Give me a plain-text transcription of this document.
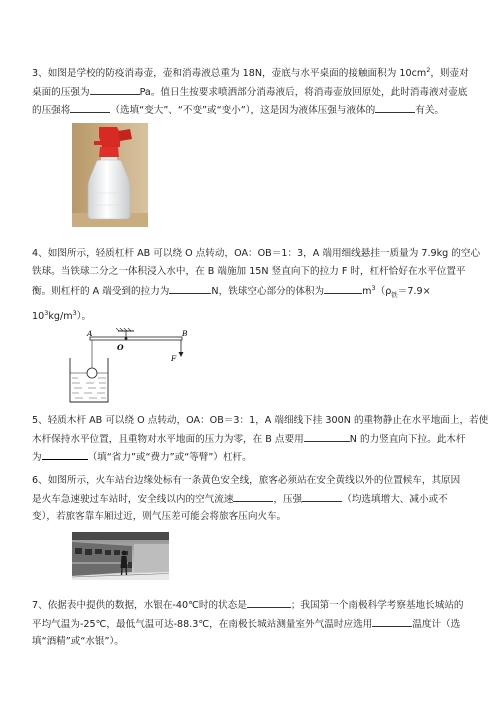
3、如图是学校的防疫消毒壶，壶和消毒液总重为 18N，壶底与水平桌面的接触面积为 $10cm^2$，则壶对
桌面的压强为	Pa。值日生按要求喷洒部分消毒液后，将消毒壶放回原处，此时消毒液对壶底
的压强将	（选填“变大”、“不变”或“变小”），这是因为液体压强与液体的	有关。
4、如图所示，轻质杠杆 AB 可以绕 O 点转动，OA：OB＝1：3，A 端用细线悬挂一质量为 7.9kg 的空心
铁球。当铁球二分之一体积浸入水中，在 B 端施加 15N 竖直向下的拉力 F 时，杠杆恰好在水平位置平
衡。则杠杆的 A 端受到的拉力为	N，铁球空心部分的体积为	$m^3(\rho_铁=7.9\times$
$10^3kg/m^3$）。
A	B
O
F
5、轻质木杆 AB 可以绕 O 点转动，OA：OB＝3：1，A 端细线下挂 300N 的重物静止在水平地面上，若使
木杆保持水平位置，且重物对水平地面的压力为零，在 B 点要用	N 的力竖直向下拉。此木杆
为	（填“省力”或“费力”或“等臂”）杠杆。
6、如图所示，火车站台边缘处标有一条黄色安全线，旅客必须站在安全黄线以外的位置候车，其原因
是火车急速驶过车站时，安全线以内的空气流速	，压强	（均选填增大、减小或不
变），若旅客靠车厢过近，则气压差可能会将旅客压向火车。
7、依据表中提供的数据，水银在-40℃时的状态是	；我国第一个南极科学考察基地长城站的
平均气温为-25℃，最低气温可达-88.3℃，在南极长城站测量室外气温时应选用	温度计（选
填“酒精”或“水银”）。
